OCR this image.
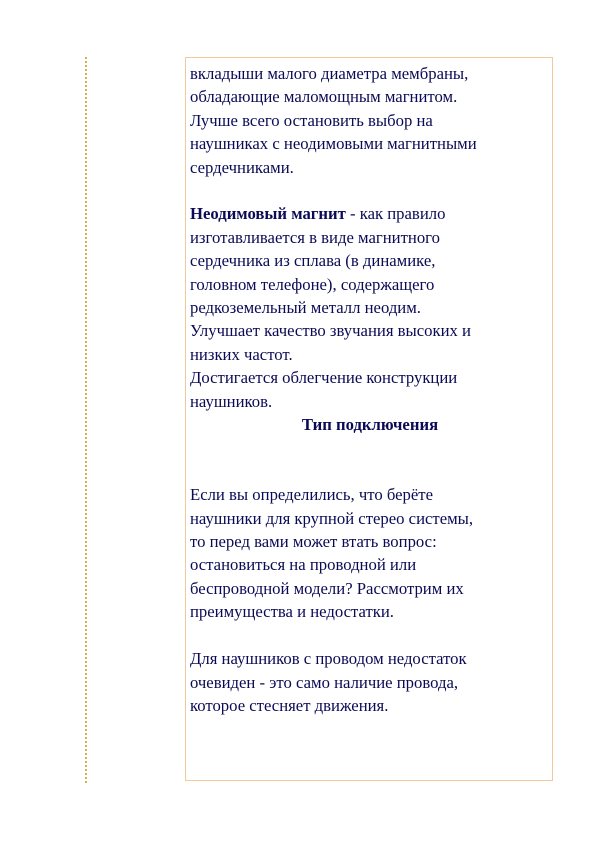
вкладыши малого диаметра мембраны,
обладающие маломощным магнитом.
Лучше всего остановить выбор на
наушниках с неодимовыми магнитными
сердечниками.

Неодимовый магнит - как правило
изготавливается в виде магнитного
сердечника из сплава (в динамике,
головном телефоне), содержащего
редкоземельный металл неодим.
Улучшает качество звучания высоких и
низких частот.
Достигается облегчение конструкции
наушников.

Тип подключения

Если вы определились, что берёте
наушники для крупной стерео системы,
то перед вами может втать вопрос:
остановиться на проводной или
беспроводной модели? Рассмотрим их
преимущества и недостатки.

Для наушников с проводом недостаток
очевиден - это само наличие провода,
которое стесняет движения.
